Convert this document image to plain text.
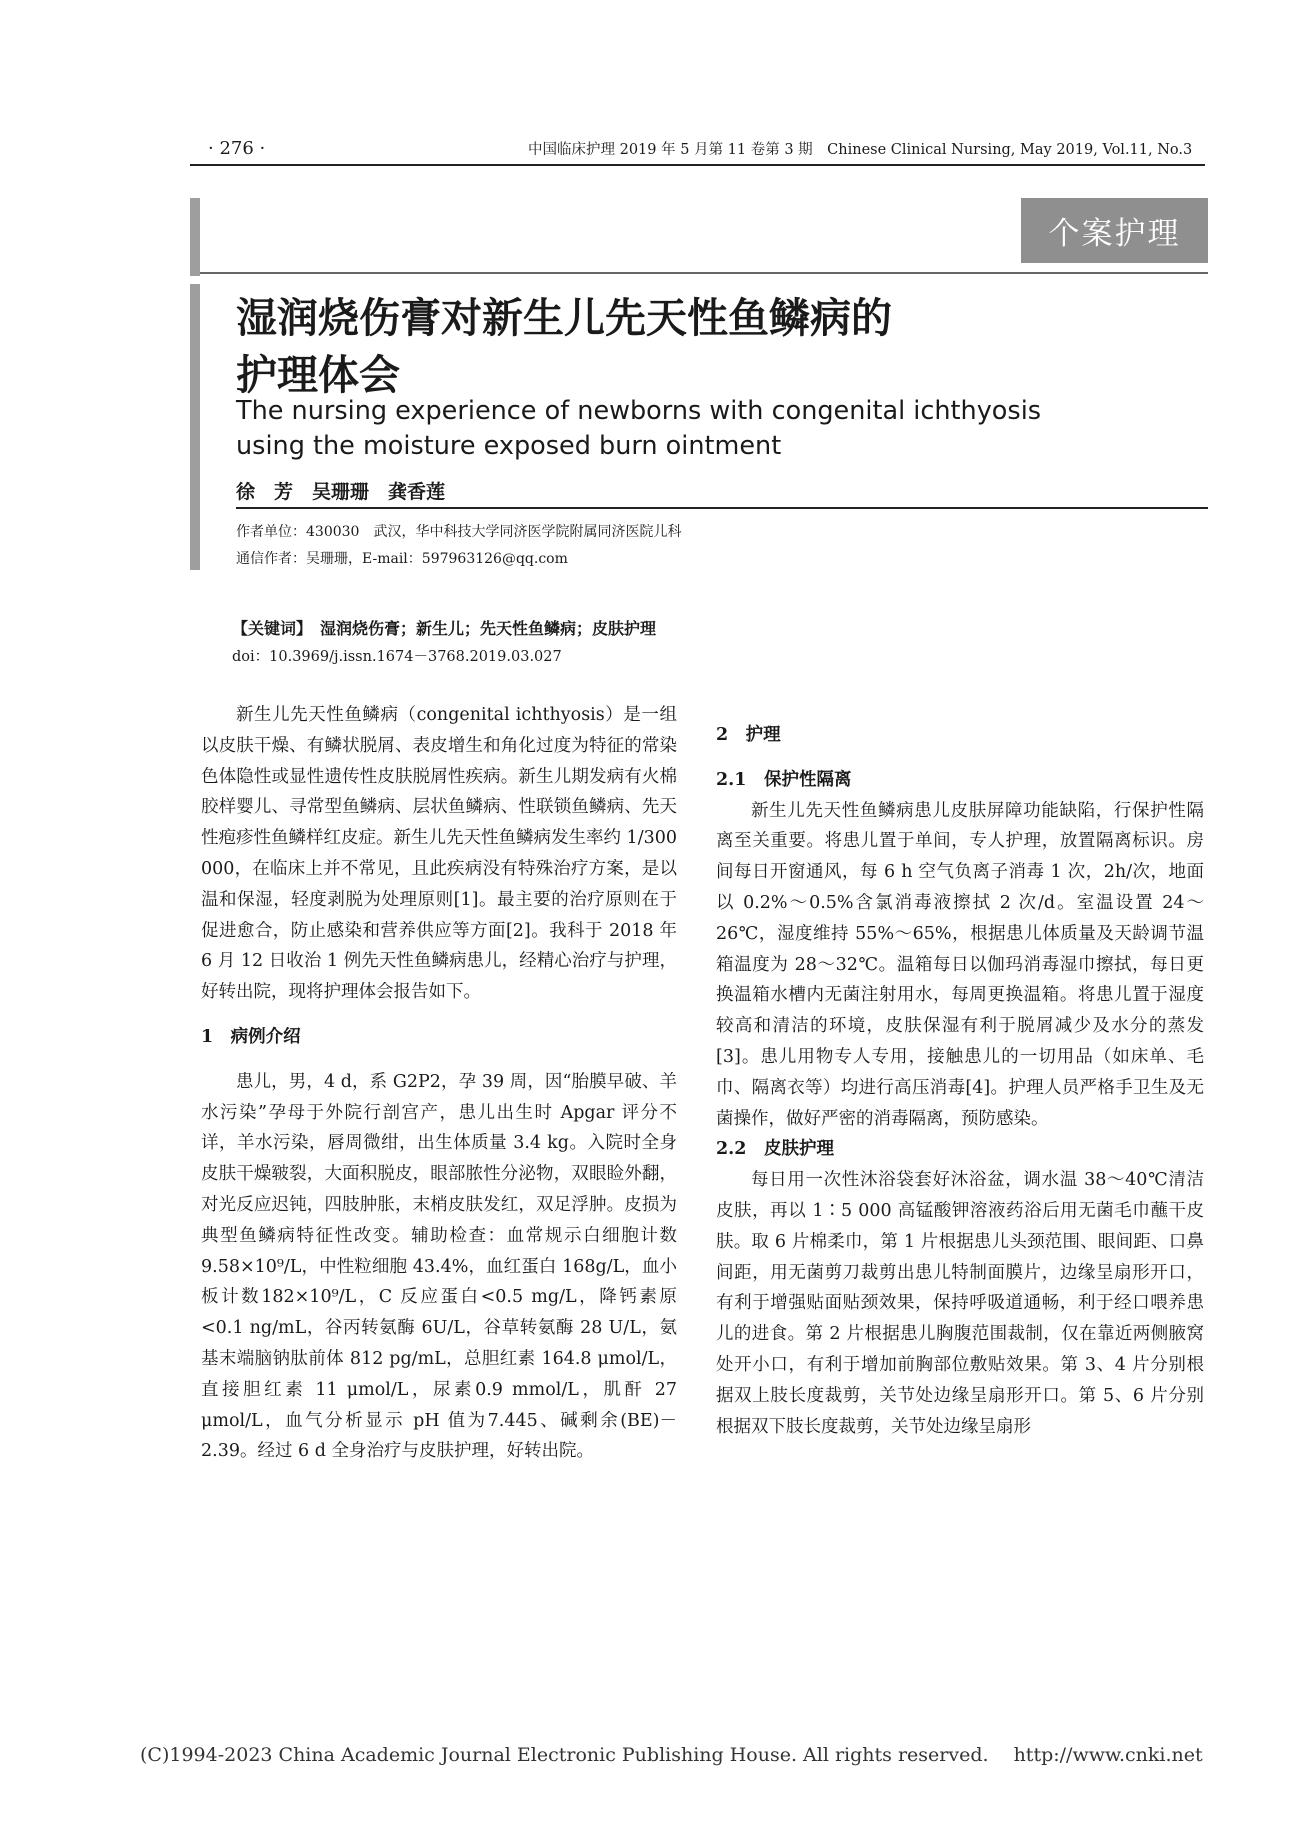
· 276 ·	中国临床护理 2019 年 5 月第 11 卷第 3 期　Chinese Clinical Nursing, May 2019, Vol.11, No.3
个案护理
湿润烧伤膏对新生儿先天性鱼鳞病的
护理体会
The nursing experience of newborns with congenital ichthyosis
using the moisture exposed burn ointment
徐　芳　吴珊珊　龚香莲
作者单位：430030　武汉，华中科技大学同济医学院附属同济医院儿科
通信作者：吴珊珊，E-mail：597963126@qq.com
【关键词】　湿润烧伤膏；新生儿；先天性鱼鳞病；皮肤护理
doi：10.3969/j.issn.1674－3768.2019.03.027

新生儿先天性鱼鳞病（congenital ichthyosis）是一组以皮肤干燥、有鳞状脱屑、表皮增生和角化过度为特征的常染色体隐性或显性遗传性皮肤脱屑性疾病。新生儿期发病有火棉胶样婴儿、寻常型鱼鳞病、层状鱼鳞病、性联锁鱼鳞病、先天性疱疹性鱼鳞样红皮症。新生儿先天性鱼鳞病发生率约 1/300 000，在临床上并不常见，且此疾病没有特殊治疗方案，是以温和保湿，轻度剥脱为处理原则[1]。最主要的治疗原则在于促进愈合，防止感染和营养供应等方面[2]。我科于 2018 年 6 月 12 日收治 1 例先天性鱼鳞病患儿，经精心治疗与护理，好转出院，现将护理体会报告如下。

1　病例介绍

患儿，男，4 d，系 G2P2，孕 39 周，因“胎膜早破、羊水污染”孕母于外院行剖宫产，患儿出生时 Apgar 评分不详，羊水污染，唇周微绀，出生体质量 3.4 kg。入院时全身皮肤干燥皲裂，大面积脱皮，眼部脓性分泌物，双眼睑外翻，对光反应迟钝，四肢肿胀，末梢皮肤发红，双足浮肿。皮损为典型鱼鳞病特征性改变。辅助检查：血常规示白细胞计数 9.58×10⁹/L，中性粒细胞 43.4%，血红蛋白 168g/L，血小板计数182×10⁹/L，C 反应蛋白<0.5 mg/L，降钙素原<0.1 ng/mL，谷丙转氨酶 6U/L，谷草转氨酶 28 U/L，氨基末端脑钠肽前体 812 pg/mL，总胆红素 164.8 μmol/L，直接胆红素 11 μmol/L，尿素0.9 mmol/L，肌酐 27 μmol/L，血气分析显示 pH 值为7.445、碱剩余(BE)－2.39。经过 6 d 全身治疗与皮肤护理，好转出院。

2　护理

2.1　保护性隔离

新生儿先天性鱼鳞病患儿皮肤屏障功能缺陷，行保护性隔离至关重要。将患儿置于单间，专人护理，放置隔离标识。房间每日开窗通风，每 6 h 空气负离子消毒 1 次，2h/次，地面以 0.2%～0.5%含氯消毒液擦拭 2 次/d。室温设置 24～26℃，湿度维持 55%～65%，根据患儿体质量及天龄调节温箱温度为 28～32℃。温箱每日以伽玛消毒湿巾擦拭，每日更换温箱水槽内无菌注射用水，每周更换温箱。将患儿置于湿度较高和清洁的环境，皮肤保湿有利于脱屑减少及水分的蒸发[3]。患儿用物专人专用，接触患儿的一切用品（如床单、毛巾、隔离衣等）均进行高压消毒[4]。护理人员严格手卫生及无菌操作，做好严密的消毒隔离，预防感染。

2.2　皮肤护理

每日用一次性沐浴袋套好沐浴盆，调水温 38～40℃清洁皮肤，再以 1∶5 000 高锰酸钾溶液药浴后用无菌毛巾蘸干皮肤。取 6 片棉柔巾，第 1 片根据患儿头颈范围、眼间距、口鼻间距，用无菌剪刀裁剪出患儿特制面膜片，边缘呈扇形开口，有利于增强贴面贴颈效果，保持呼吸道通畅，利于经口喂养患儿的进食。第 2 片根据患儿胸腹范围裁制，仅在靠近两侧腋窝处开小口，有利于增加前胸部位敷贴效果。第 3、4 片分别根据双上肢长度裁剪，关节处边缘呈扇形开口。第 5、6 片分别根据双下肢长度裁剪，关节处边缘呈扇形

(C)1994-2023 China Academic Journal Electronic Publishing House. All rights reserved.　 http://www.cnki.net
